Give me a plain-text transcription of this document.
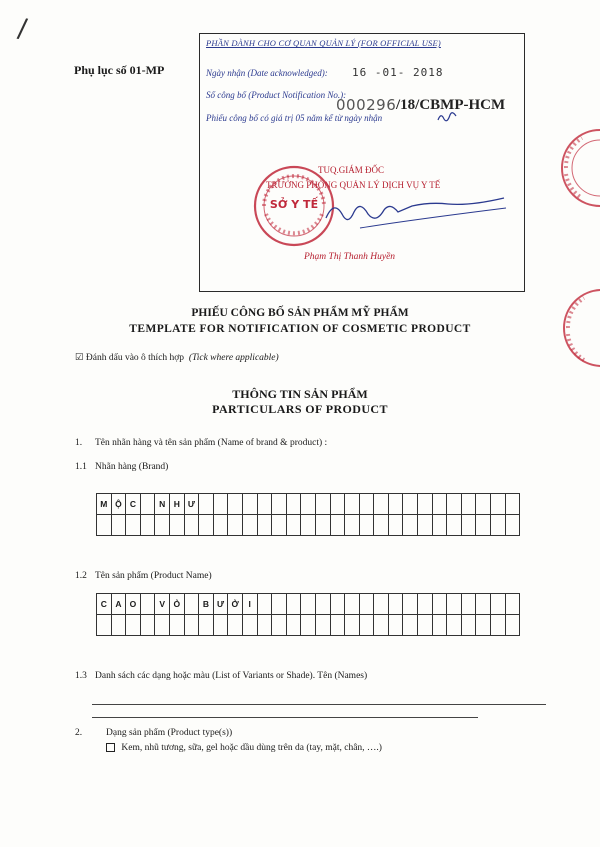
/
Phụ lục số 01-MP
PHẦN DÀNH CHO CƠ QUAN QUẢN LÝ (FOR OFFICIAL USE)
Ngày nhận (Date acknowledged): 16 -01- 2018
Số công bố (Product Notification No.):
000296 /18/CBMP-HCM
Phiếu công bố có giá trị 05 năm kể từ ngày nhận
TUQ.GIÁM ĐỐC
TRƯỞNG PHÒNG QUẢN LÝ DỊCH VỤ Y TẾ
SỞ Y TẾ
Phạm Thị Thanh Huyền
PHIẾU CÔNG BỐ SẢN PHẨM MỸ PHẨM
TEMPLATE FOR NOTIFICATION OF COSMETIC PRODUCT
☑ Đánh dấu vào ô thích hợp (Tick where applicable)
THÔNG TIN SẢN PHẨM
PARTICULARS OF PRODUCT
1. Tên nhãn hàng và tên sản phẩm (Name of brand & product) :
1.1 Nhãn hàng (Brand)
M	Ộ	C		N	H	Ư																						

1.2 Tên sản phẩm (Product Name)
C	A	O		V	Ỏ		B	Ư	Ở	I																		

1.3 Danh sách các dạng hoặc màu (List of Variants or Shade). Tên (Names)
2.	Dạng sản phẩm (Product type(s))
Kem, nhũ tương, sữa, gel hoặc dầu dùng trên da (tay, mặt, chân, ….)
